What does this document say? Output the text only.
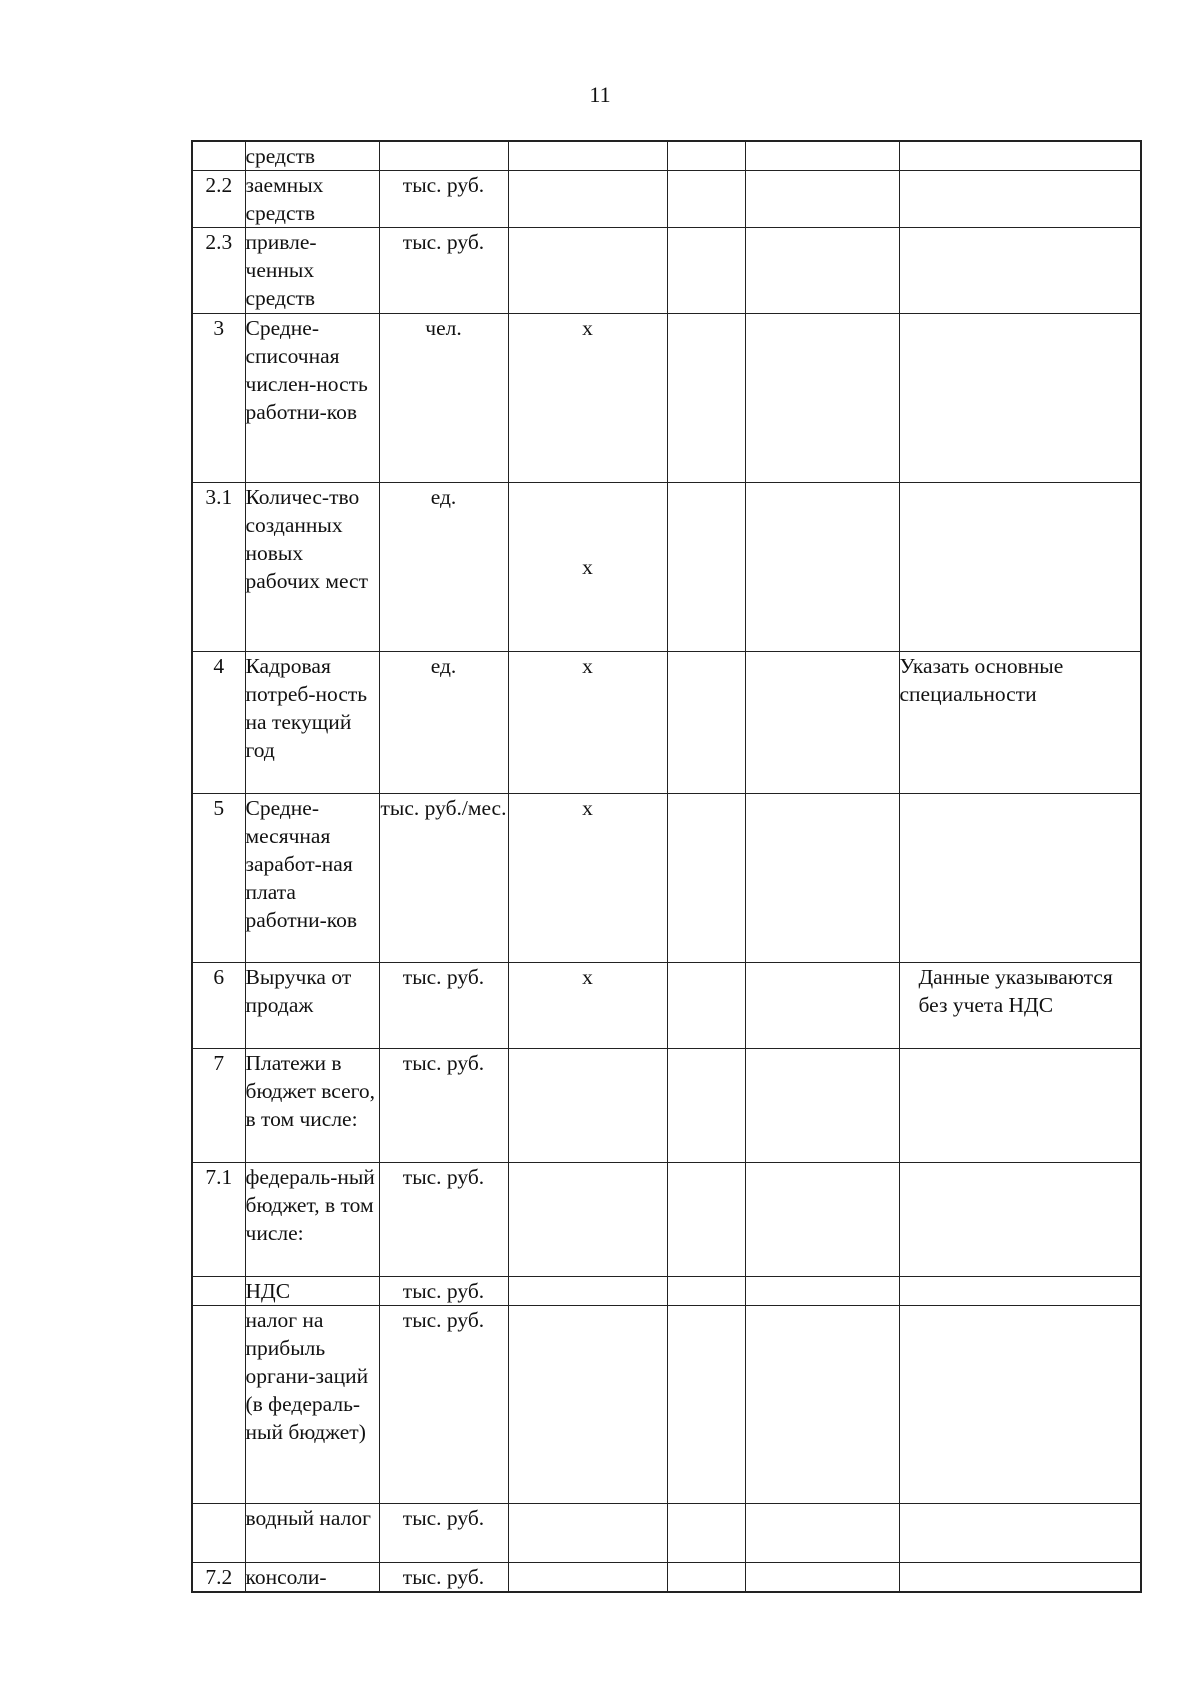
11
	средств					
2.2	заемных средств	тыс. руб.				
2.3	привле-ченных средств	тыс. руб.				
3	Средне-списочная числен-ность работни-ков	чел.	х			
3.1	Количес-тво созданных новых рабочих мест	ед.	х			
4	Кадровая потреб-ность на текущий год	ед.	х			Указать основные специальности
5	Средне-месячная заработ-ная плата работни-ков	тыс. руб./мес.	х			
6	Выручка от продаж	тыс. руб.	х			Данные указываются без учета НДС
7	Платежи в бюджет всего, в том числе:	тыс. руб.				
7.1	федераль-ный бюджет, в том числе:	тыс. руб.				
	НДС	тыс. руб.				
	налог на прибыль органи-заций (в федераль-ный бюджет)	тыс. руб.				
	водный налог	тыс. руб.				
7.2	консоли-	тыс. руб.				
